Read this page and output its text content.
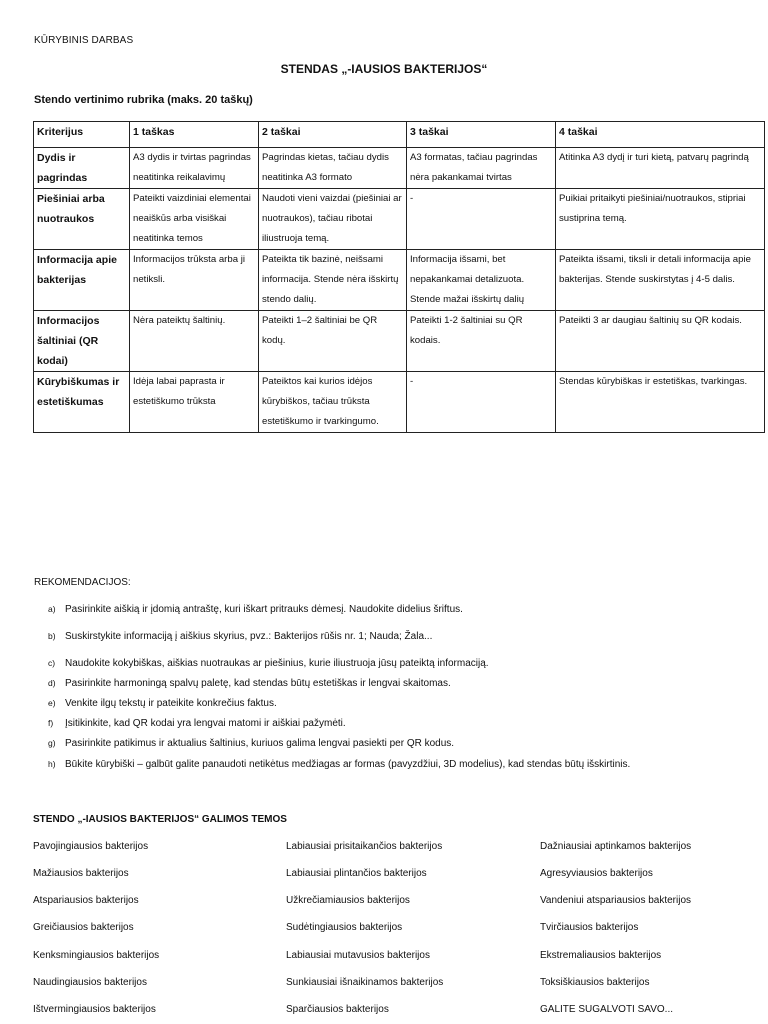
KŪRYBINIS DARBAS
STENDAS „-IAUSIOS BAKTERIJOS“
Stendo vertinimo rubrika (maks. 20 taškų)
Kriterijus	1 taškas	2 taškai	3 taškai	4 taškai
Dydis ir pagrindas	A3 dydis ir tvirtas pagrindas neatitinka reikalavimų	Pagrindas kietas, tačiau dydis neatitinka A3 formato	A3 formatas, tačiau pagrindas nėra pakankamai tvirtas	Atitinka A3 dydį ir turi kietą, patvarų pagrindą
Piešiniai arba nuotraukos	Pateikti vaizdiniai elementai neaiškūs arba visiškai neatitinka temos	Naudoti vieni vaizdai (piešiniai ar nuotraukos), tačiau ribotai iliustruoja temą.	-	Puikiai pritaikyti piešiniai/nuotraukos, stipriai sustiprina temą.
Informacija apie bakterijas	Informacijos trūksta arba ji netiksli.	Pateikta tik bazinė, neišsami informacija. Stende nėra išskirtų stendo dalių.	Informacija išsami, bet nepakankamai detalizuota. Stende mažai išskirtų dalių	Pateikta išsami, tiksli ir detali informacija apie bakterijas. Stende suskirstytas į 4-5 dalis.
Informacijos šaltiniai (QR kodai)	Nėra pateiktų šaltinių.	Pateikti 1–2 šaltiniai be QR kodų.	Pateikti 1-2 šaltiniai su QR kodais.	Pateikti 3 ar daugiau šaltinių su QR kodais.
Kūrybiškumas ir estetiškumas	Idėja labai paprasta ir estetiškumo trūksta	Pateiktos kai kurios idėjos kūrybiškos, tačiau trūksta estetiškumo ir tvarkingumo.	-	Stendas kūrybiškas ir estetiškas, tvarkingas.
REKOMENDACIJOS:
a) Pasirinkite aiškią ir įdomią antraštę, kuri iškart pritrauks dėmesį. Naudokite didelius šriftus.
b) Suskirstykite informaciją į aiškius skyrius, pvz.: Bakterijos rūšis nr. 1; Nauda; Žala...
c) Naudokite kokybiškas, aiškias nuotraukas ar piešinius, kurie iliustruoja jūsų pateiktą informaciją.
d) Pasirinkite harmoningą spalvų paletę, kad stendas būtų estetiškas ir lengvai skaitomas.
e) Venkite ilgų tekstų ir pateikite konkrečius faktus.
f) Įsitikinkite, kad QR kodai yra lengvai matomi ir aiškiai pažymėti.
g) Pasirinkite patikimus ir aktualius šaltinius, kuriuos galima lengvai pasiekti per QR kodus.
h) Būkite kūrybiški – galbūt galite panaudoti netikėtus medžiagas ar formas (pavyzdžiui, 3D modelius), kad stendas būtų išskirtinis.
STENDO „-IAUSIOS BAKTERIJOS“ GALIMOS TEMOS
Pavojingiausios bakterijos
Mažiausios bakterijos
Atspariausios bakterijos
Greičiausios bakterijos
Kenksmingiausios bakterijos
Naudingiausios bakterijos
Ištvermingiausios bakterijos
Labiausiai prisitaikančios bakterijos
Labiausiai plintančios bakterijos
Užkrečiamiausios bakterijos
Sudėtingiausios bakterijos
Labiausiai mutavusios bakterijos
Sunkiausiai išnaikinamos bakterijos
Sparčiausios bakterijos
Dažniausiai aptinkamos bakterijos
Agresyviausios bakterijos
Vandeniui atspariausios bakterijos
Tvirčiausios bakterijos
Ekstremaliausios bakterijos
Toksiškiausios bakterijos
GALITE SUGALVOTI SAVO...
